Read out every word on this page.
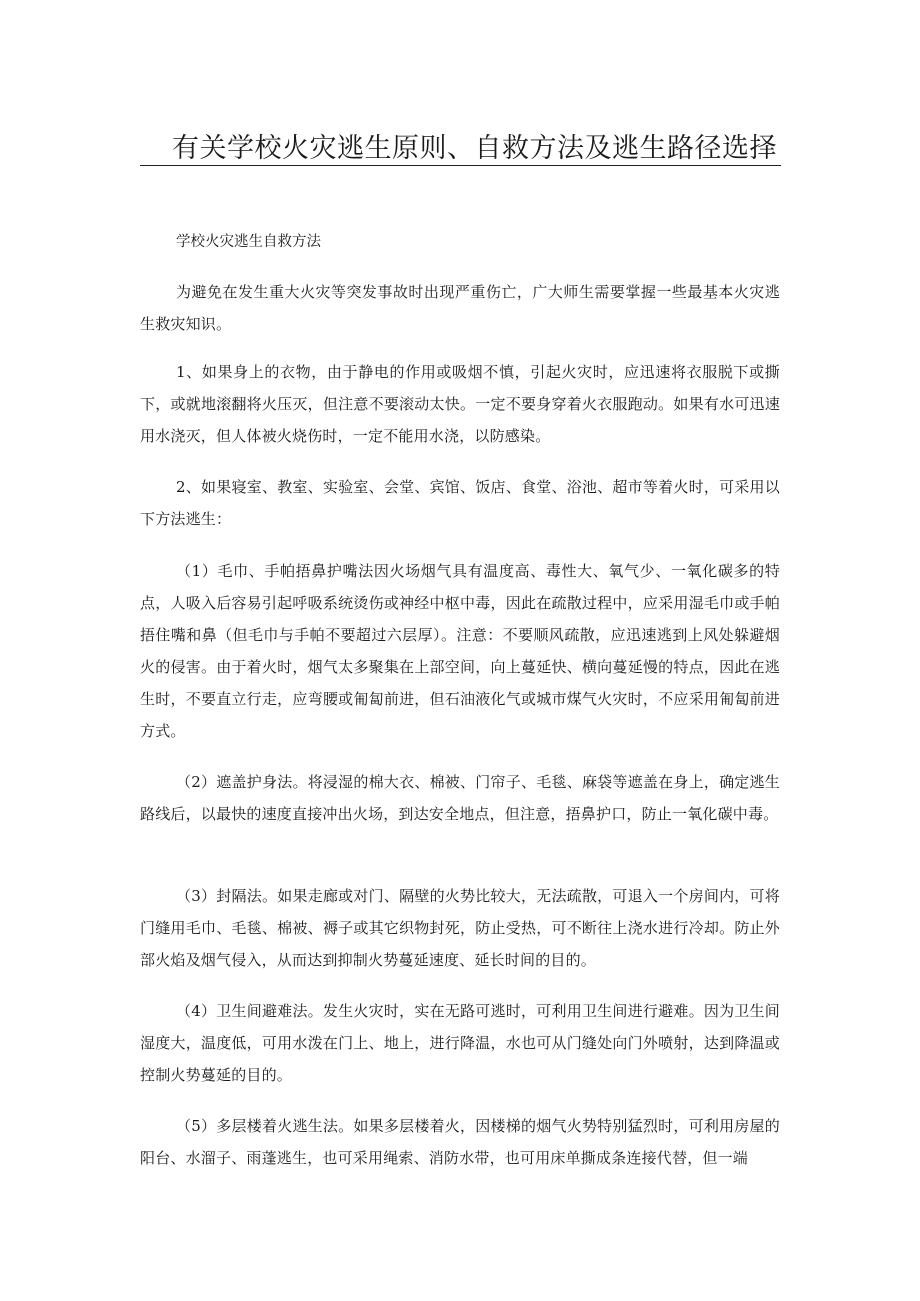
有关学校火灾逃生原则、自救方法及逃生路径选择
学校火灾逃生自救方法

为避免在发生重大火灾等突发事故时出现严重伤亡，广大师生需要掌握一些最基本火灾逃生救灾知识。

1、如果身上的衣物，由于静电的作用或吸烟不慎，引起火灾时，应迅速将衣服脱下或撕下，或就地滚翻将火压灭，但注意不要滚动太快。一定不要身穿着火衣服跑动。如果有水可迅速用水浇灭，但人体被火烧伤时，一定不能用水浇，以防感染。

2、如果寝室、教室、实验室、会堂、宾馆、饭店、食堂、浴池、超市等着火时，可采用以下方法逃生：

（1）毛巾、手帕捂鼻护嘴法因火场烟气具有温度高、毒性大、氧气少、一氧化碳多的特点，人吸入后容易引起呼吸系统烫伤或神经中枢中毒，因此在疏散过程中，应采用湿毛巾或手帕捂住嘴和鼻（但毛巾与手帕不要超过六层厚）。注意：不要顺风疏散，应迅速逃到上风处躲避烟火的侵害。由于着火时，烟气太多聚集在上部空间，向上蔓延快、横向蔓延慢的特点，因此在逃生时，不要直立行走，应弯腰或匍匐前进，但石油液化气或城市煤气火灾时，不应采用匍匐前进方式。

（2）遮盖护身法。将浸湿的棉大衣、棉被、门帘子、毛毯、麻袋等遮盖在身上，确定逃生路线后，以最快的速度直接冲出火场，到达安全地点，但注意，捂鼻护口，防止一氧化碳中毒。

（3）封隔法。如果走廊或对门、隔壁的火势比较大，无法疏散，可退入一个房间内，可将门缝用毛巾、毛毯、棉被、褥子或其它织物封死，防止受热，可不断往上浇水进行冷却。防止外部火焰及烟气侵入，从而达到抑制火势蔓延速度、延长时间的目的。

（4）卫生间避难法。发生火灾时，实在无路可逃时，可利用卫生间进行避难。因为卫生间湿度大，温度低，可用水泼在门上、地上，进行降温，水也可从门缝处向门外喷射，达到降温或控制火势蔓延的目的。

（5）多层楼着火逃生法。如果多层楼着火，因楼梯的烟气火势特别猛烈时，可利用房屋的阳台、水溜子、雨蓬逃生，也可采用绳索、消防水带，也可用床单撕成条连接代替，但一端
